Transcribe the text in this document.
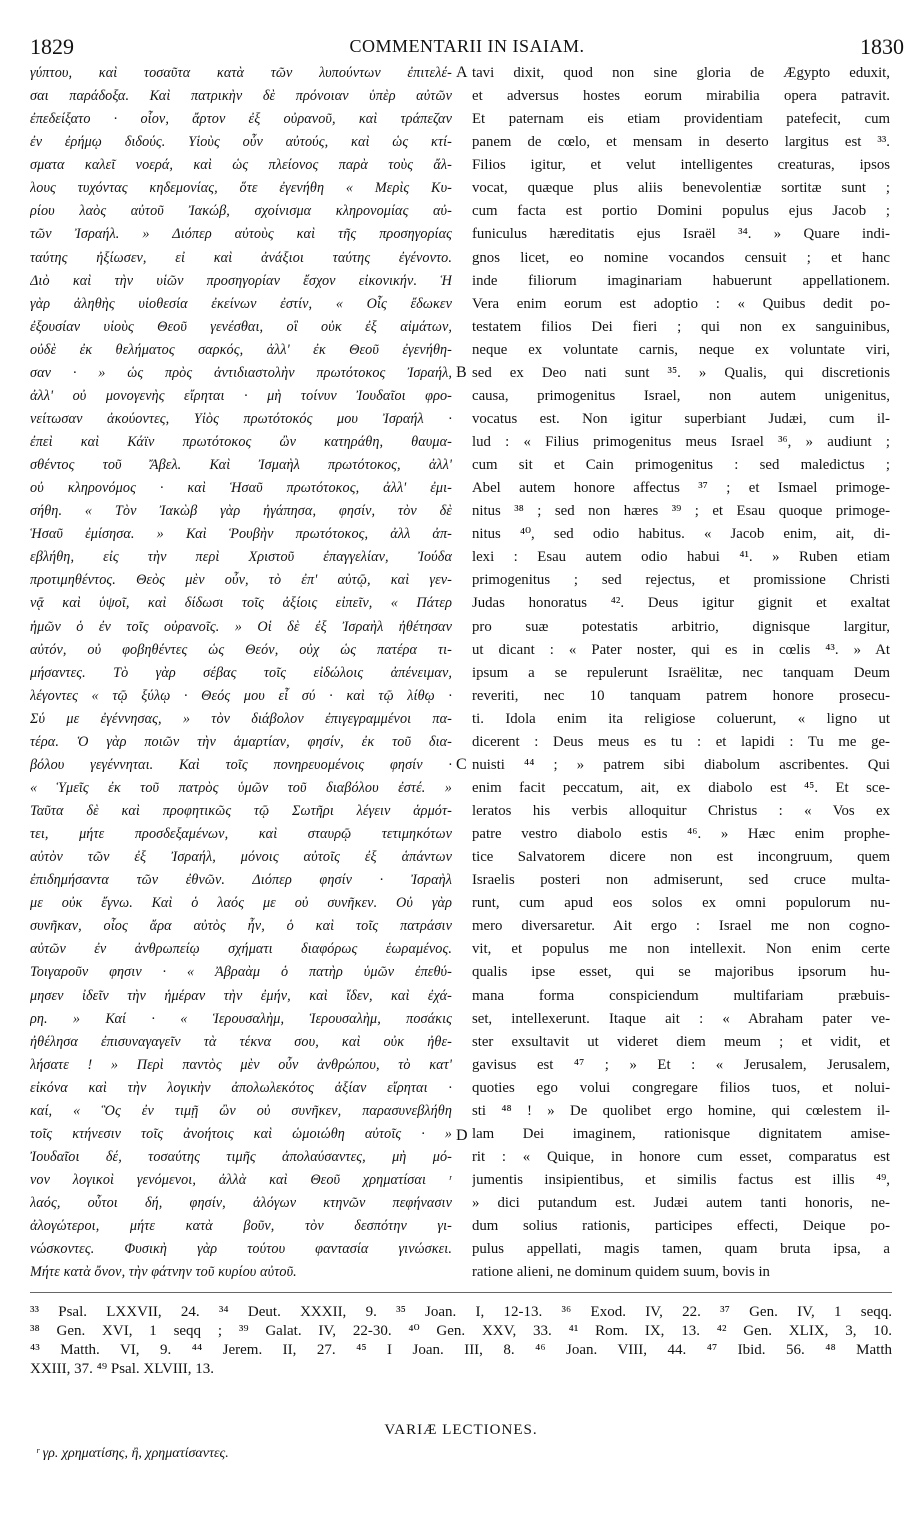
1829	COMMENTARII IN ISAIAM.	1830
γύπτου, καὶ τοσαῦτα κατὰ τῶν λυπούντων ἐπιτελέ-
σαι παράδοξα. Καὶ πατρικὴν δὲ πρόνοιαν ὑπὲρ αὐτῶν
ἐπεδείξατο · οἷον, ἄρτον ἐξ οὐρανοῦ, καὶ τράπεζαν
ἐν ἐρήμῳ διδούς. Υἱοὺς οὖν αὐτούς, καὶ ὡς κτί-
σματα καλεῖ νοερά, καὶ ὡς πλείονος παρὰ τοὺς ἄλ-
λους τυχόντας κηδεμονίας, ὅτε ἐγενήθη « Μερὶς Κυ-
ρίου λαὸς αὐτοῦ Ἰακώβ, σχοίνισμα κληρονομίας αὐ-
τῶν Ἰσραήλ. » Διόπερ αὐτοὺς καὶ τῆς προσηγορίας
ταύτης ἠξίωσεν, εἰ καὶ ἀνάξιοι ταύτης ἐγένοντο.
Διὸ καὶ τὴν υἱῶν προσηγορίαν ἔσχον εἰκονικήν. Ἡ
γὰρ ἀληθὴς υἱοθεσία ἐκείνων ἐστίν, « Οἷς ἔδωκεν
ἐξουσίαν υἱοὺς Θεοῦ γενέσθαι, οἳ οὐκ ἐξ αἱμάτων,
οὐδὲ ἐκ θελήματος σαρκός, ἀλλ' ἐκ Θεοῦ ἐγενήθη-
σαν · » ὡς πρὸς ἀντιδιαστολὴν πρωτότοκος Ἰσραήλ,
ἀλλ' οὐ μονογενὴς εἴρηται · μὴ τοίνυν Ἰουδαῖοι φρο-
νείτωσαν ἀκούοντες, Υἱὸς πρωτότοκός μου Ἰσραήλ ·
ἐπεὶ καὶ Κάϊν πρωτότοκος ὢν κατηράθη, θαυμα-
σθέντος τοῦ Ἄβελ. Καὶ Ἰσμαὴλ πρωτότοκος, ἀλλ'
οὐ κληρονόμος · καὶ Ἡσαῦ πρωτότοκος, ἀλλ' ἐμι-
σήθη. « Τὸν Ἰακὼβ γὰρ ἠγάπησα, φησίν, τὸν δὲ
Ἡσαῦ ἐμίσησα. » Καὶ Ῥουβὴν πρωτότοκος, ἀλλ ἀπ-
εβλήθη, εἰς τὴν περὶ Χριστοῦ ἐπαγγελίαν, Ἰούδα
προτιμηθέντος. Θεὸς μὲν οὖν, τὸ ἐπ' αὐτῷ, καὶ γεν-
νᾷ καὶ ὑψοῖ, καὶ δίδωσι τοῖς ἀξίοις εἰπεῖν, « Πάτερ
ἡμῶν ὁ ἐν τοῖς οὐρανοῖς. » Οἱ δὲ ἐξ Ἰσραὴλ ἠθέτησαν
αὐτόν, οὐ φοβηθέντες ὡς Θεόν, οὐχ ὡς πατέρα τι-
μήσαντες. Τὸ γὰρ σέβας τοῖς εἰδώλοις ἀπένειμαν,
λέγοντες « τῷ ξύλῳ · Θεός μου εἶ σύ · καὶ τῷ λίθῳ ·
Σύ με ἐγέννησας, » τὸν διάβολον ἐπιγεγραμμένοι πα-
τέρα. Ὁ γὰρ ποιῶν τὴν ἁμαρτίαν, φησίν, ἐκ τοῦ δια-
βόλου γεγέννηται. Καὶ τοῖς πονηρευομένοις φησίν ·
« Ὑμεῖς ἐκ τοῦ πατρὸς ὑμῶν τοῦ διαβόλου ἐστέ. »
Ταῦτα δὲ καὶ προφητικῶς τῷ Σωτῆρι λέγειν ἁρμότ-
τει, μήτε προσδεξαμένων, καὶ σταυρῷ τετιμηκότων
αὐτὸν τῶν ἐξ Ἰσραήλ, μόνοις αὐτοῖς ἐξ ἁπάντων
ἐπιδημήσαντα τῶν ἐθνῶν. Διόπερ φησίν · Ἰσραὴλ
με οὐκ ἔγνω. Καὶ ὁ λαός με οὐ συνῆκεν. Οὐ γὰρ
συνῆκαν, οἷος ἄρα αὐτὸς ἦν, ὁ καὶ τοῖς πατράσιν
αὐτῶν ἐν ἀνθρωπείῳ σχήματι διαφόρως ἑωραμένος.
Τοιγαροῦν φησιν · « Ἀβραὰμ ὁ πατὴρ ὑμῶν ἐπεθύ-
μησεν ἰδεῖν τὴν ἡμέραν τὴν ἐμήν, καὶ ἴδεν, καὶ ἐχά-
ρη. » Καί · « Ἱερουσαλὴμ, Ἱερουσαλὴμ, ποσάκις
ἠθέλησα ἐπισυναγαγεῖν τὰ τέκνα σου, καὶ οὐκ ἠθε-
λήσατε ! » Περὶ παντὸς μὲν οὖν ἀνθρώπου, τὸ κατ'
εἰκόνα καὶ τὴν λογικὴν ἀπολωλεκότος ἀξίαν εἴρηται ·
καί, « Ὃς ἐν τιμῇ ὢν οὐ συνῆκεν, παρασυνεβλήθη
τοῖς κτήνεσιν τοῖς ἀνοήτοις καὶ ὡμοιώθη αὐτοῖς · »
Ἰουδαῖοι δέ, τοσαύτης τιμῆς ἀπολαύσαντες, μὴ μό-
νον λογικοὶ γενόμενοι, ἀλλὰ καὶ Θεοῦ χρηματίσαι ʳ
λαός, οὗτοι δή, φησίν, ἀλόγων κτηνῶν πεφήνασιν
ἀλογώτεροι, μήτε κατὰ βοῦν, τὸν δεσπότην γι-
νώσκοντες. Φυσικὴ γὰρ τούτου φαντασία γινώσκει.
Μήτε κατὰ ὄνον, τὴν φάτνην τοῦ κυρίου αὐτοῦ.
tavi dixit, quod non sine gloria de Ægypto eduxit,
et adversus hostes eorum mirabilia opera patravit.
Et paternam eis etiam providentiam patefecit, cum
panem de cœlo, et mensam in deserto largitus est ³³.
Filios igitur, et velut intelligentes creaturas, ipsos
vocat, quæque plus aliis benevolentiæ sortitæ sunt ;
cum facta est portio Domini populus ejus Jacob ;
funiculus hæreditatis ejus Israël ³⁴. » Quare indi-
gnos licet, eo nomine vocandos censuit ; et hanc
inde filiorum imaginariam habuerunt appellationem.
Vera enim eorum est adoptio : « Quibus dedit po-
testatem filios Dei fieri ; qui non ex sanguinibus,
neque ex voluntate carnis, neque ex voluntate viri,
sed ex Deo nati sunt ³⁵. » Qualis, qui discretionis
causa, primogenitus Israel, non autem unigenitus,
vocatus est. Non igitur superbiant Judæi, cum il-
lud : « Filius primogenitus meus Israel ³⁶, » audiunt ;
cum sit et Cain primogenitus : sed maledictus ;
Abel autem honore affectus ³⁷ ; et Ismael primoge-
nitus ³⁸ ; sed non hæres ³⁹ ; et Esau quoque primoge-
nitus ⁴⁰, sed odio habitus. « Jacob enim, ait, di-
lexi : Esau autem odio habui ⁴¹. » Ruben etiam
primogenitus ; sed rejectus, et promissione Christi
Judas honoratus ⁴². Deus igitur gignit et exaltat
pro suæ potestatis arbitrio, dignisque largitur,
ut dicant : « Pater noster, qui es in cœlis ⁴³. » At
ipsum a se repulerunt Israëlitæ, nec tanquam Deum
reveriti, nec 10 tanquam patrem honore prosecu-
ti. Idola enim ita religiose coluerunt, « ligno ut
dicerent : Deus meus es tu : et lapidi : Tu me ge-
nuisti ⁴⁴ ; » patrem sibi diabolum ascribentes. Qui
enim facit peccatum, ait, ex diabolo est ⁴⁵. Et sce-
leratos his verbis alloquitur Christus : « Vos ex
patre vestro diabolo estis ⁴⁶. » Hæc enim prophe-
tice Salvatorem dicere non est incongruum, quem
Israelis posteri non admiserunt, sed cruce multa-
runt, cum apud eos solos ex omni populorum nu-
mero diversaretur. Ait ergo : Israel me non cogno-
vit, et populus me non intellexit. Non enim certe
qualis ipse esset, qui se majoribus ipsorum hu-
mana forma conspiciendum multifariam præbuis-
set, intellexerunt. Itaque ait : « Abraham pater ve-
ster exsultavit ut videret diem meum ; et vidit, et
gavisus est ⁴⁷ ; » Et : « Jerusalem, Jerusalem,
quoties ego volui congregare filios tuos, et noluі-
sti ⁴⁸ ! » De quolibet ergo homine, qui cœlestem il-
lam Dei imaginem, rationisque dignitatem amise-
rit : « Quique, in honore cum esset, comparatus est
jumentis insipientibus, et similis factus est illis ⁴⁹,
» dici putandum est. Judæi autem tanti honoris, ne-
dum solius rationis, participes effecti, Deique po-
pulus appellati, magis tamen, quam bruta ipsa, a
ratione alieni, ne dominum quidem suum, bovis in
A
B
C
D
³³ Psal. LXXVII, 24. ³⁴ Deut. XXXII, 9. ³⁵ Joan. I, 12-13. ³⁶ Exod. IV, 22. ³⁷ Gen. IV, 1 seqq.
³⁸ Gen. XVI, 1 seqq ; ³⁹ Galat. IV, 22-30. ⁴⁰ Gen. XXV, 33. ⁴¹ Rom. IX, 13. ⁴² Gen. XLIX, 3, 10.
⁴³ Matth. VI, 9. ⁴⁴ Jerem. II, 27. ⁴⁵ I Joan. III, 8. ⁴⁶ Joan. VIII, 44. ⁴⁷ Ibid. 56. ⁴⁸ Matth
XXIII, 37. ⁴⁹ Psal. XLVIII, 13.
VARIÆ LECTIONES.
ʳ γρ. χρηματίσης, ἢ, χρηματίσαντες.
